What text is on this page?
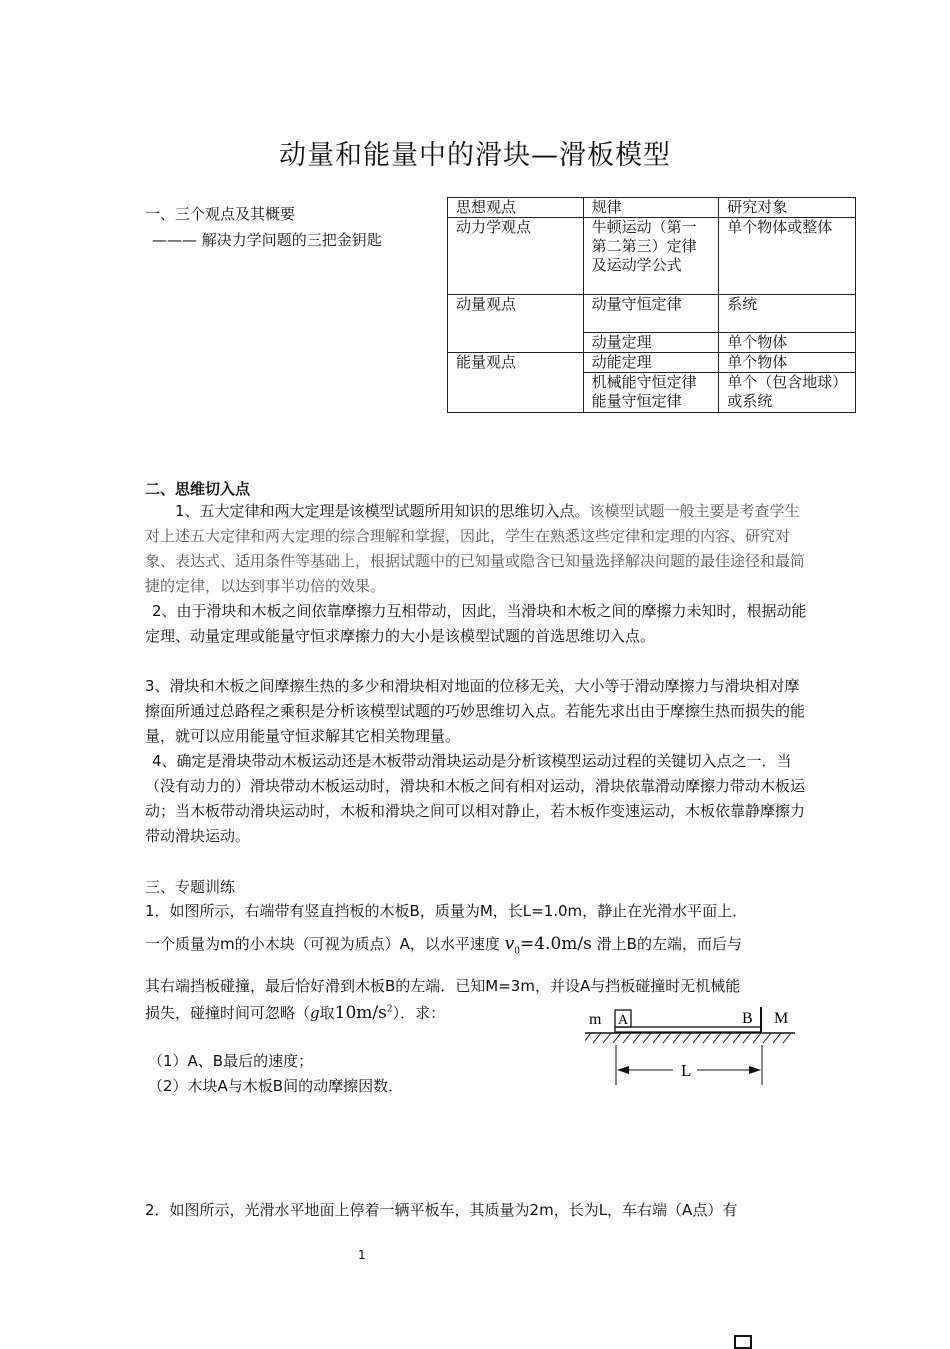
动量和能量中的滑块—滑板模型
一、三个观点及其概要
——— 解决力学问题的三把金钥匙
思想观点	规律	研究对象
动力学观点	牛顿运动（第一第二第三）定律及运动学公式	单个物体或整体
动量观点	动量守恒定律	系统
	动量定理	单个物体
能量观点	动能定理	单个物体
	机械能守恒定律能量守恒定律	单个（包含地球）或系统
二、思维切入点
1、五大定律和两大定理是该模型试题所用知识的思维切入点。该模型试题一般主要是考查学生对上述五大定律和两大定理的综合理解和掌握，因此，学生在熟悉这些定律和定理的内容、研究对象、表达式、适用条件等基础上，根据试题中的已知量或隐含已知量选择解决问题的最佳途径和最简捷的定律，以达到事半功倍的效果。
2、由于滑块和木板之间依靠摩擦力互相带动，因此，当滑块和木板之间的摩擦力未知时，根据动能定理、动量定理或能量守恒求摩擦力的大小是该模型试题的首选思维切入点。
3、滑块和木板之间摩擦生热的多少和滑块相对地面的位移无关，大小等于滑动摩擦力与滑块相对摩擦面所通过总路程之乘积是分析该模型试题的巧妙思维切入点。若能先求出由于摩擦生热而损失的能量，就可以应用能量守恒求解其它相关物理量。
4、确定是滑块带动木板运动还是木板带动滑块运动是分析该模型运动过程的关键切入点之一．当（没有动力的）滑块带动木板运动时，滑块和木板之间有相对运动，滑块依靠滑动摩擦力带动木板运动；当木板带动滑块运动时，木板和滑块之间可以相对静止，若木板作变速运动，木板依靠静摩擦力带动滑块运动。
三、专题训练
1．如图所示，右端带有竖直挡板的木板B，质量为M，长L=1.0m，静止在光滑水平面上．
一个质量为m的小木块（可视为质点）A，以水平速度 $v_0=4.0m/s$ 滑上B的左端，而后与
其右端挡板碰撞，最后恰好滑到木板B的左端．已知M=3m，并设A与挡板碰撞时无机械能
损失，碰撞时间可忽略（g取$10m/s^2$）．求：
（1）A、B最后的速度；
（2）木块A与木板B间的动摩擦因数．
m A	B M
L
2．如图所示，光滑水平地面上停着一辆平板车，其质量为2m，长为L，车右端（A点）有
1
